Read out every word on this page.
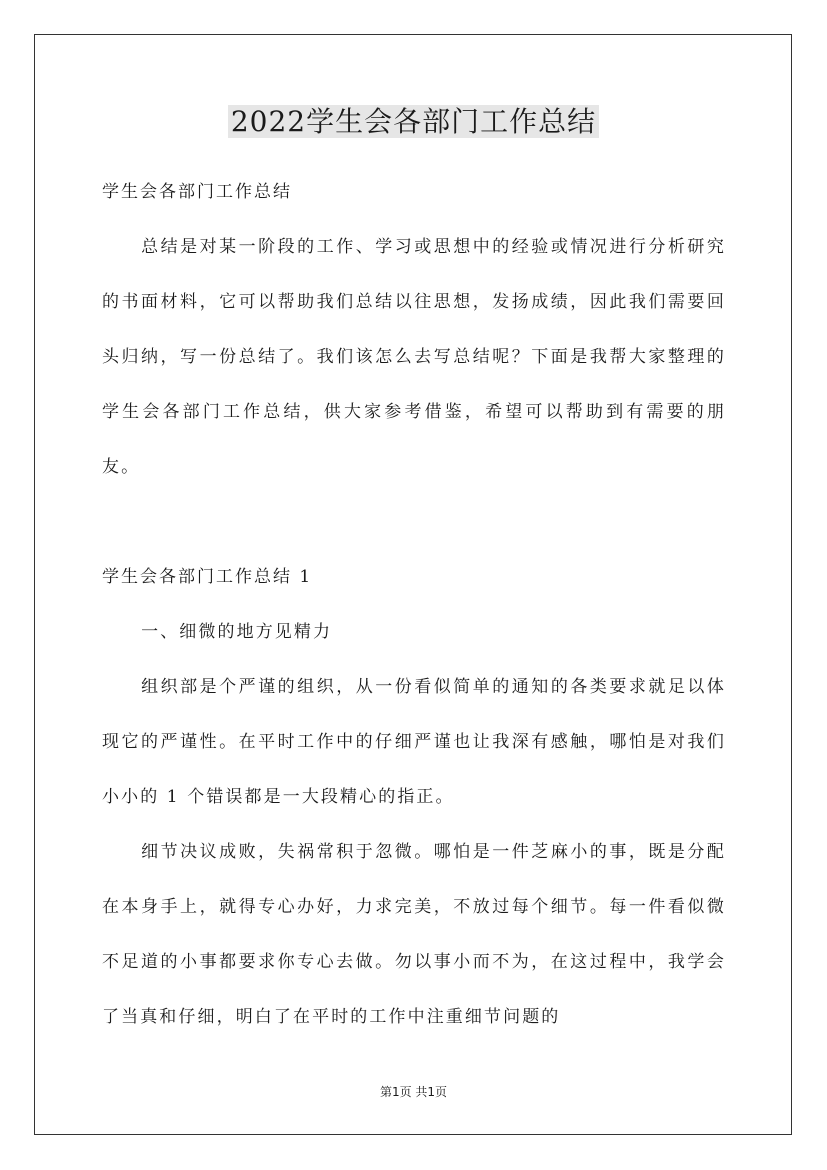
2022学生会各部门工作总结

学生会各部门工作总结

总结是对某一阶段的工作、学习或思想中的经验或情况进行分析研究的书面材料，它可以帮助我们总结以往思想，发扬成绩，因此我们需要回头归纳，写一份总结了。我们该怎么去写总结呢？下面是我帮大家整理的学生会各部门工作总结，供大家参考借鉴，希望可以帮助到有需要的朋友。

学生会各部门工作总结 1

一、细微的地方见精力

组织部是个严谨的组织，从一份看似简单的通知的各类要求就足以体现它的严谨性。在平时工作中的仔细严谨也让我深有感触，哪怕是对我们小小的 1 个错误都是一大段精心的指正。

细节决议成败，失祸常积于忽微。哪怕是一件芝麻小的事，既是分配在本身手上，就得专心办好，力求完美，不放过每个细节。每一件看似微不足道的小事都要求你专心去做。勿以事小而不为，在这过程中，我学会了当真和仔细，明白了在平时的工作中注重细节问题的

第1页 共1页
